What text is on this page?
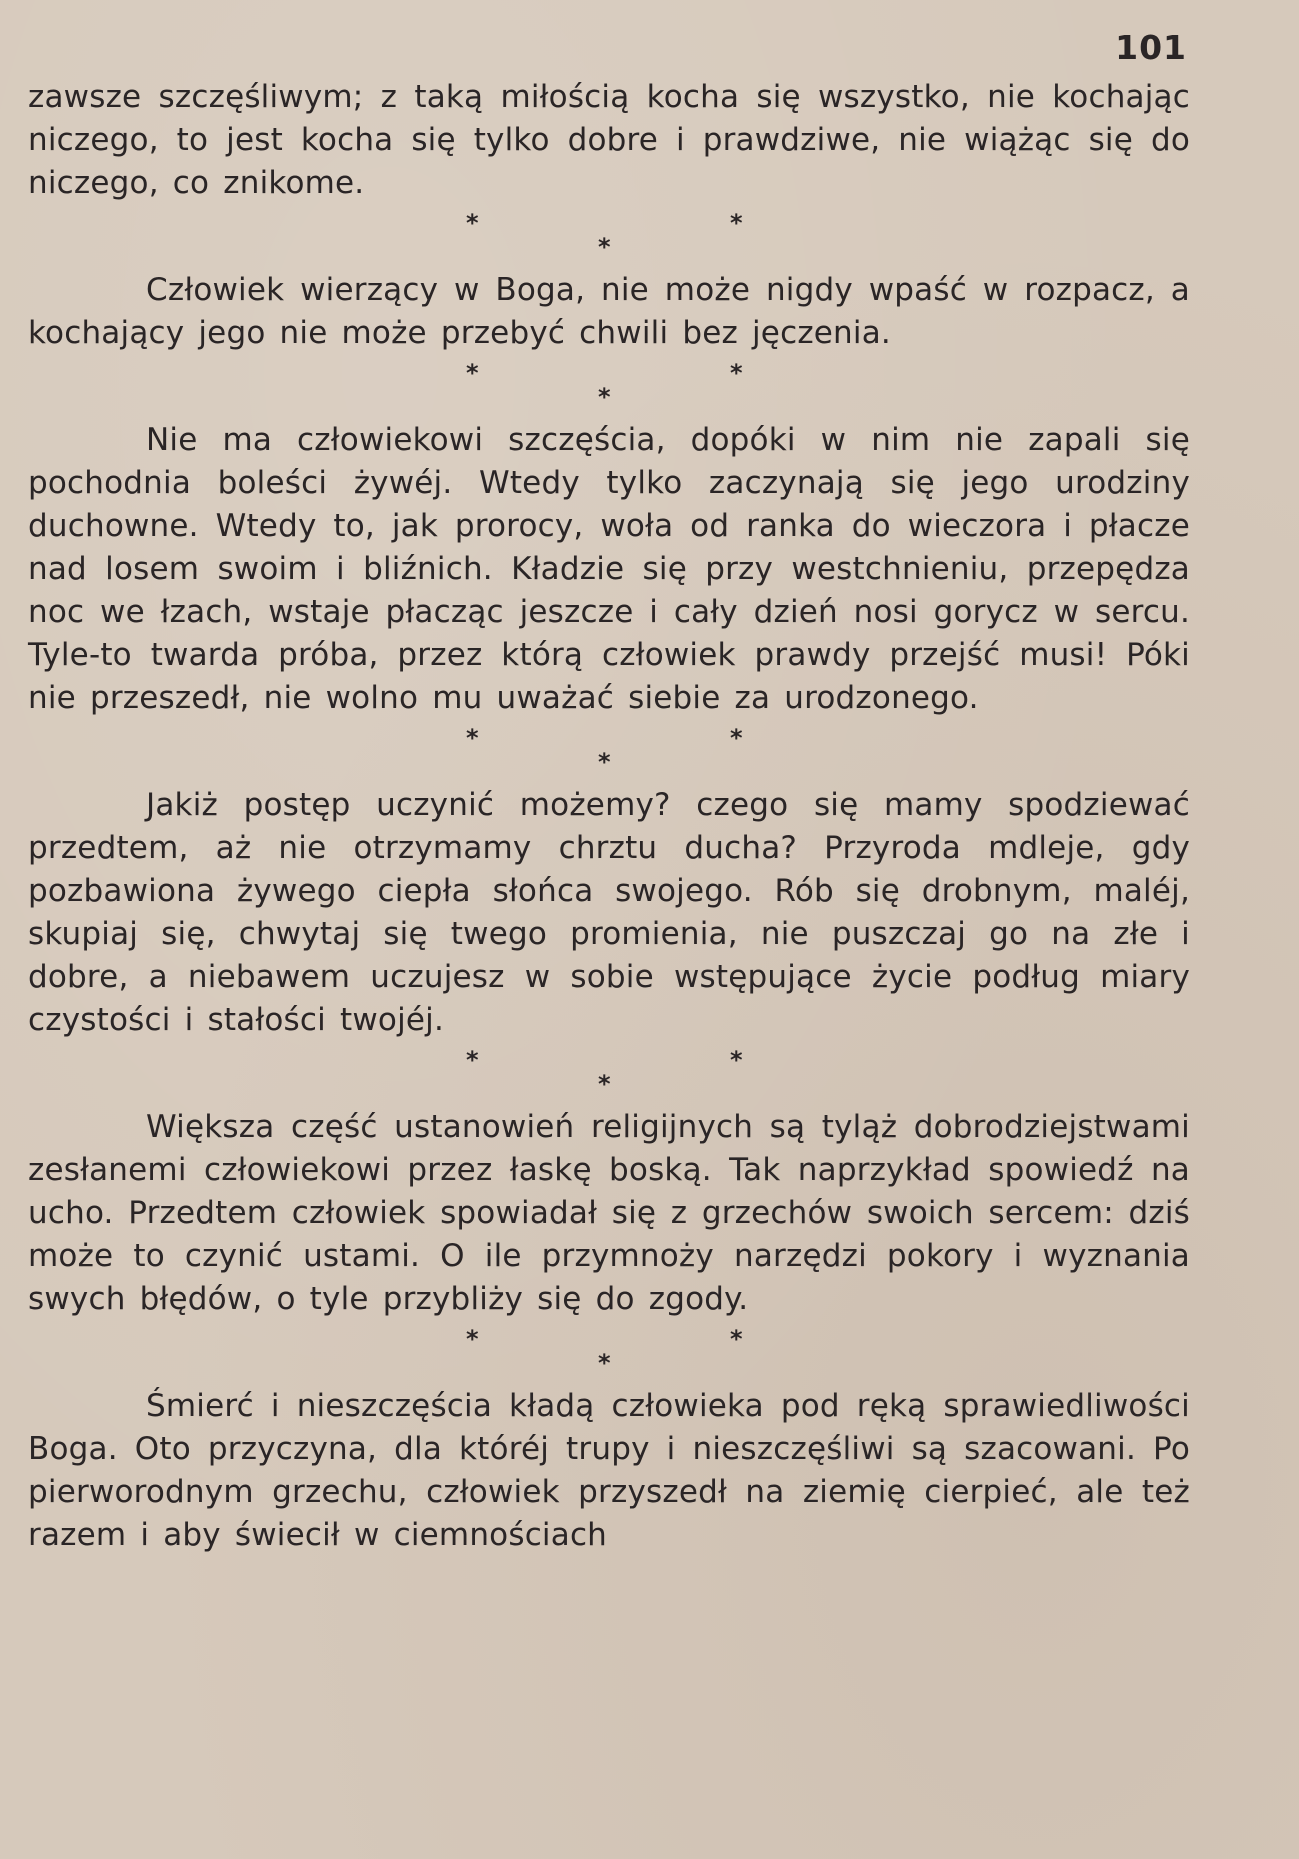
101

zawsze szczęśliwym; z taką miłością kocha się wszystko, nie kochając niczego, to jest kocha się tylko dobre i prawdziwe, nie wiążąc się do niczego, co znikome.

*
*
*

Człowiek wierzący w Boga, nie może nigdy wpaść w rozpacz, a kochający jego nie może przebyć chwili bez jęczenia.

*
*
*

Nie ma człowiekowi szczęścia, dopóki w nim nie zapali się pochodnia boleści żywéj. Wtedy tylko zaczynają się jego urodziny duchowne. Wtedy to, jak prorocy, woła od ranka do wieczora i płacze nad losem swoim i bliźnich. Kładzie się przy westchnieniu, przepędza noc we łzach, wstaje płacząc jeszcze i cały dzień nosi gorycz w sercu. Tyle-to twarda próba, przez którą człowiek prawdy przejść musi! Póki nie przeszedł, nie wolno mu uważać siebie za urodzonego.

*
*
*

Jakiż postęp uczynić możemy? czego się mamy spodziewać przedtem, aż nie otrzymamy chrztu ducha? Przyroda mdleje, gdy pozbawiona żywego ciepła słońca swojego. Rób się drobnym, maléj, skupiaj się, chwytaj się twego promienia, nie puszczaj go na złe i dobre, a niebawem uczujesz w sobie wstępujące życie podług miary czystości i stałości twojéj.

*
*
*

Większa część ustanowień religijnych są tyląż dobrodziejstwami zesłanemi człowiekowi przez łaskę boską. Tak naprzykład spowiedź na ucho. Przedtem człowiek spowiadał się z grzechów swoich sercem: dziś może to czynić ustami. O ile przymnoży narzędzi pokory i wyznania swych błędów, o tyle przybliży się do zgody.

*
*
*

Śmierć i nieszczęścia kładą człowieka pod ręką sprawiedliwości Boga. Oto przyczyna, dla któréj trupy i nieszczęśliwi są szacowani. Po pierworodnym grzechu, człowiek przyszedł na ziemię cierpieć, ale też razem i aby świecił w ciemnościach
